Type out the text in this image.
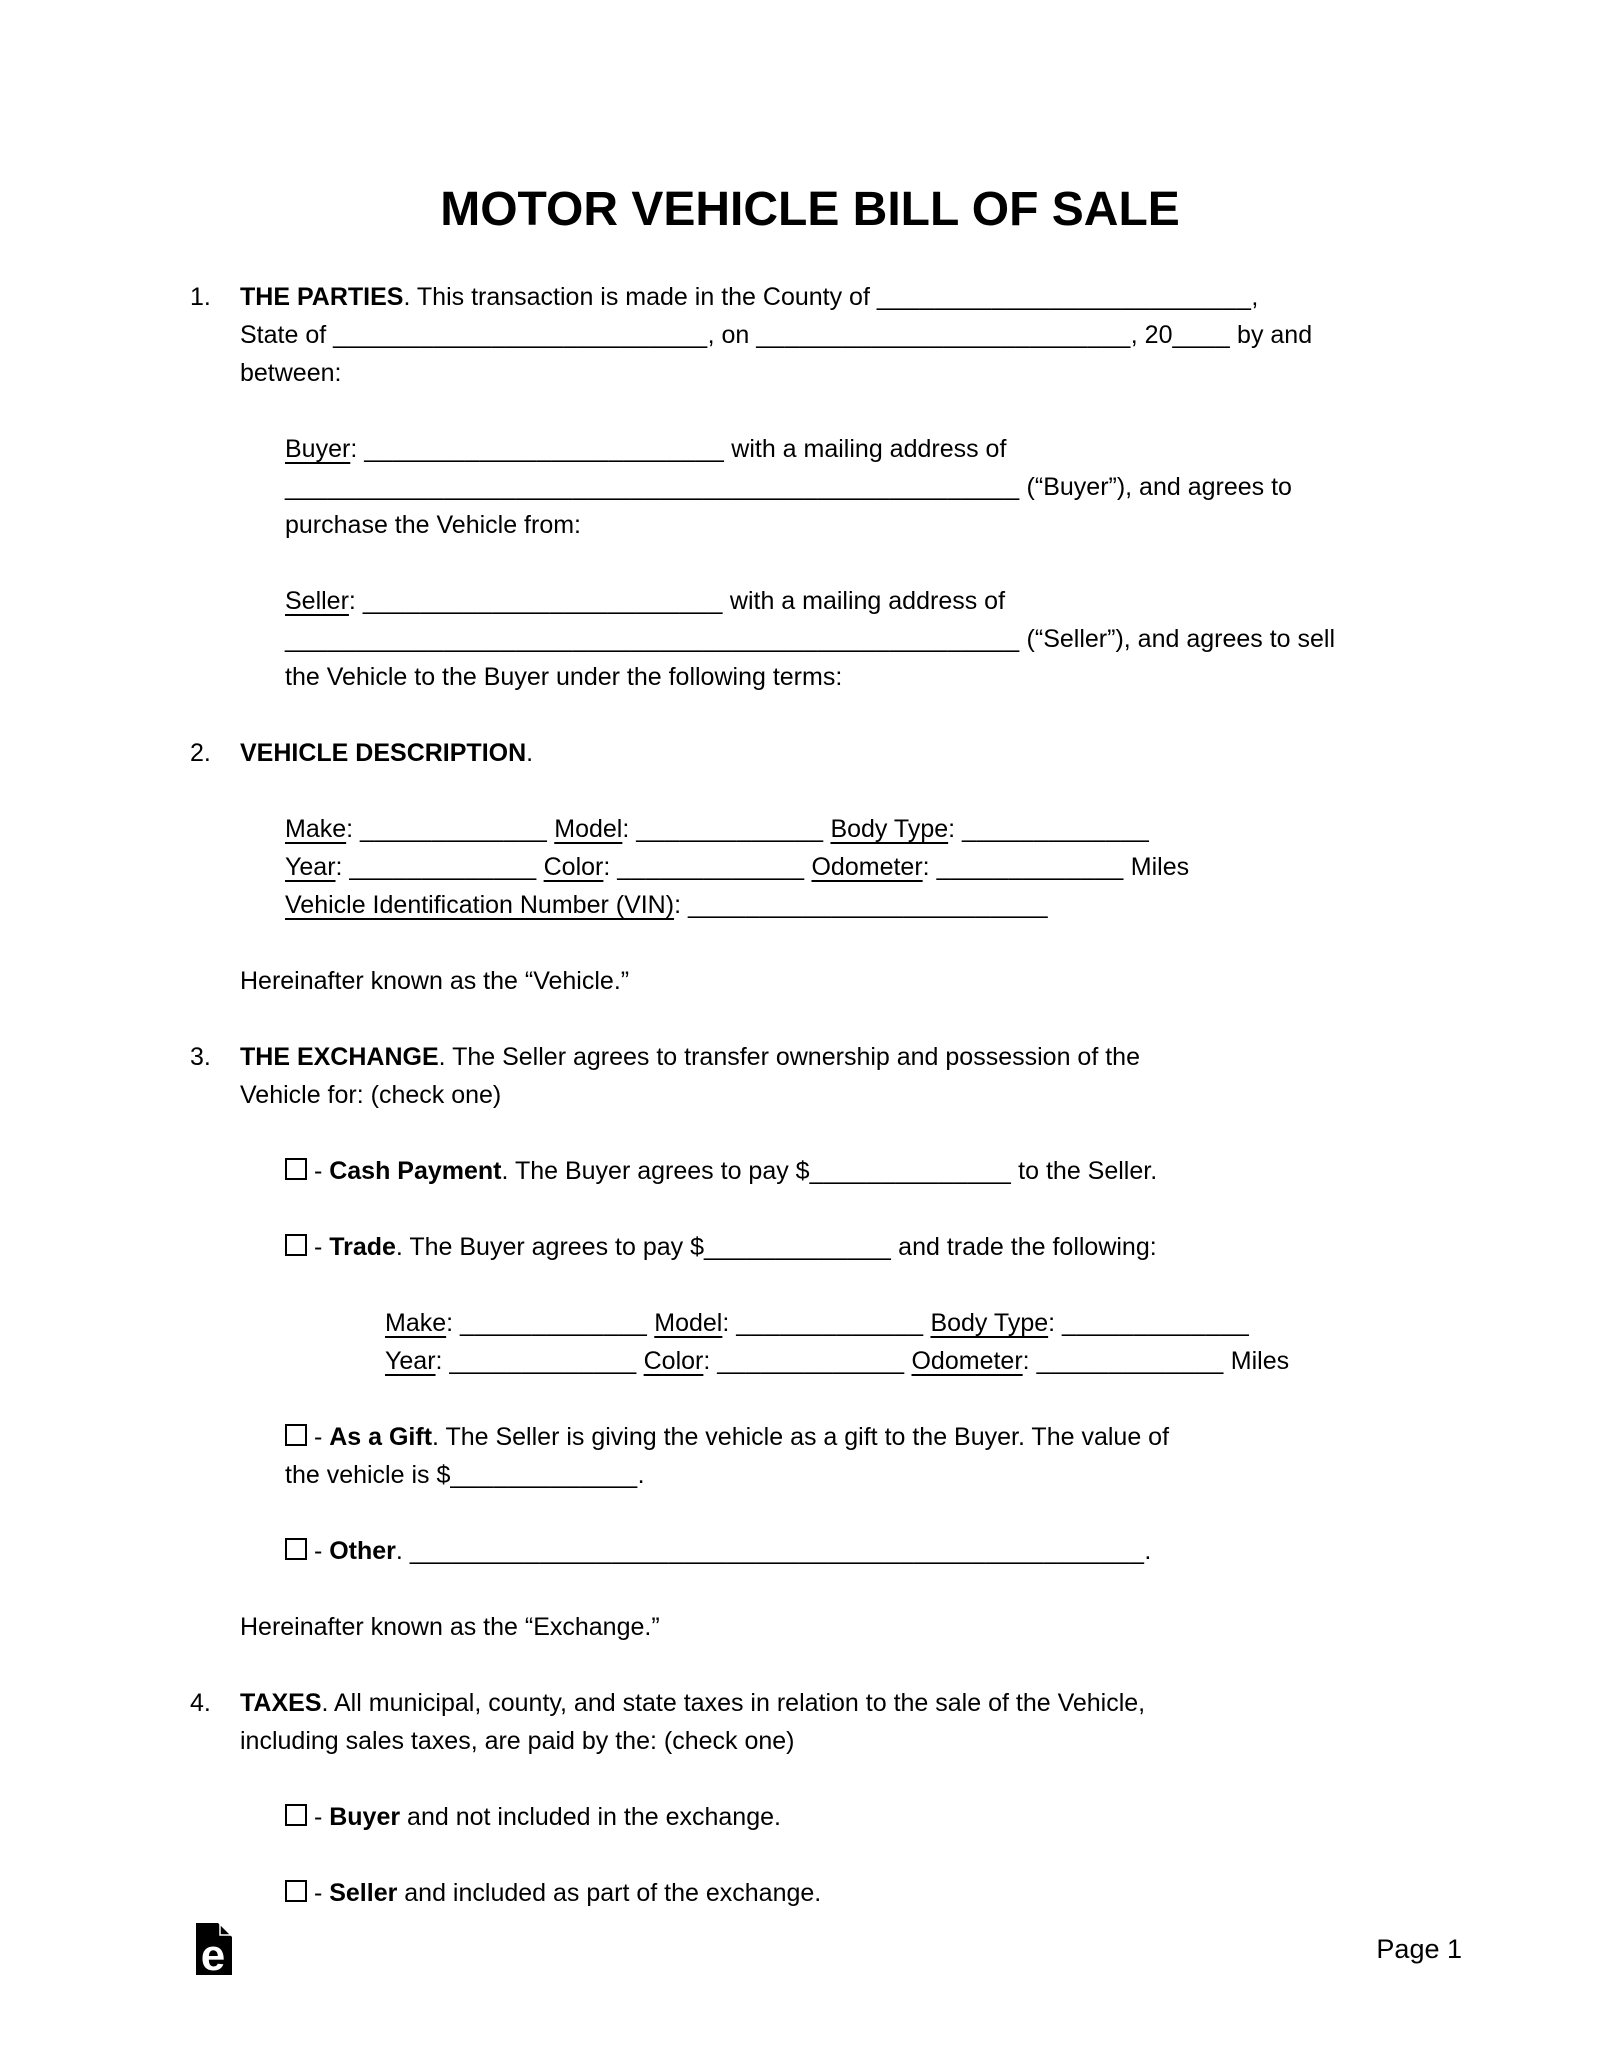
MOTOR VEHICLE BILL OF SALE
1.	THE PARTIES. This transaction is made in the County of __________________________,
State of __________________________, on __________________________, 20____ by and
between:
Buyer: _________________________ with a mailing address of
___________________________________________________ (“Buyer”), and agrees to
purchase the Vehicle from:
Seller: _________________________ with a mailing address of
___________________________________________________ (“Seller”), and agrees to sell
the Vehicle to the Buyer under the following terms:
2.	VEHICLE DESCRIPTION.
Make: _____________ Model: _____________ Body Type: _____________
Year: _____________ Color: _____________ Odometer: _____________ Miles
Vehicle Identification Number (VIN): _________________________
Hereinafter known as the “Vehicle.”
3.	THE EXCHANGE. The Seller agrees to transfer ownership and possession of the
Vehicle for: (check one)
- Cash Payment. The Buyer agrees to pay $______________ to the Seller.
- Trade. The Buyer agrees to pay $_____________ and trade the following:
Make: _____________ Model: _____________ Body Type: _____________
Year: _____________ Color: _____________ Odometer: _____________ Miles
- As a Gift. The Seller is giving the vehicle as a gift to the Buyer. The value of
the vehicle is $_____________.
- Other. ___________________________________________________.
Hereinafter known as the “Exchange.”
4.	TAXES. All municipal, county, and state taxes in relation to the sale of the Vehicle,
including sales taxes, are paid by the: (check one)
- Buyer and not included in the exchange.
- Seller and included as part of the exchange.
e	Page 1
